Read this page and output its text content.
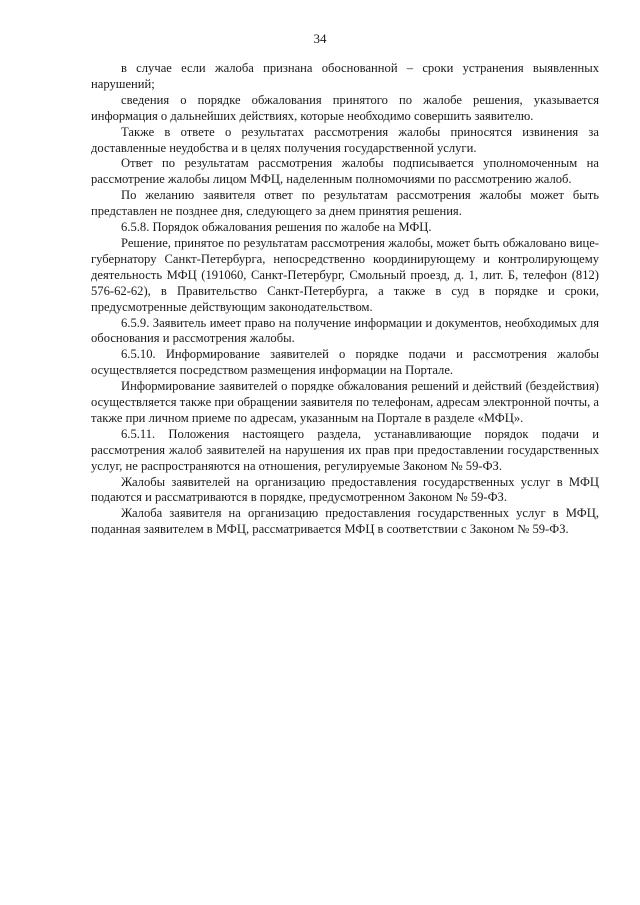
34

в случае если жалоба признана обоснованной – сроки устранения выявленных нарушений;

сведения о порядке обжалования принятого по жалобе решения, указывается информация о дальнейших действиях, которые необходимо совершить заявителю.

Также в ответе о результатах рассмотрения жалобы приносятся извинения за доставленные неудобства и в целях получения государственной услуги.

Ответ по результатам рассмотрения жалобы подписывается уполномоченным на рассмотрение жалобы лицом МФЦ, наделенным полномочиями по рассмотрению жалоб.

По желанию заявителя ответ по результатам рассмотрения жалобы может быть представлен не позднее дня, следующего за днем принятия решения.

6.5.8. Порядок обжалования решения по жалобе на МФЦ.

Решение, принятое по результатам рассмотрения жалобы, может быть обжаловано вице-губернатору Санкт-Петербурга, непосредственно координирующему и контролирующему деятельность МФЦ (191060, Санкт-Петербург, Смольный проезд, д. 1, лит. Б, телефон (812) 576-62-62), в Правительство Санкт-Петербурга, а также в суд в порядке и сроки, предусмотренные действующим законодательством.

6.5.9. Заявитель имеет право на получение информации и документов, необходимых для обоснования и рассмотрения жалобы.

6.5.10. Информирование заявителей о порядке подачи и рассмотрения жалобы осуществляется посредством размещения информации на Портале.

Информирование заявителей о порядке обжалования решений и действий (бездействия) осуществляется также при обращении заявителя по телефонам, адресам электронной почты, а также при личном приеме по адресам, указанным на Портале в разделе «МФЦ».

6.5.11. Положения настоящего раздела, устанавливающие порядок подачи и рассмотрения жалоб заявителей на нарушения их прав при предоставлении государственных услуг, не распространяются на отношения, регулируемые Законом № 59-ФЗ.

Жалобы заявителей на организацию предоставления государственных услуг в МФЦ подаются и рассматриваются в порядке, предусмотренном Законом № 59-ФЗ.

Жалоба заявителя на организацию предоставления государственных услуг в МФЦ, поданная заявителем в МФЦ, рассматривается МФЦ в соответствии с Законом № 59-ФЗ.
